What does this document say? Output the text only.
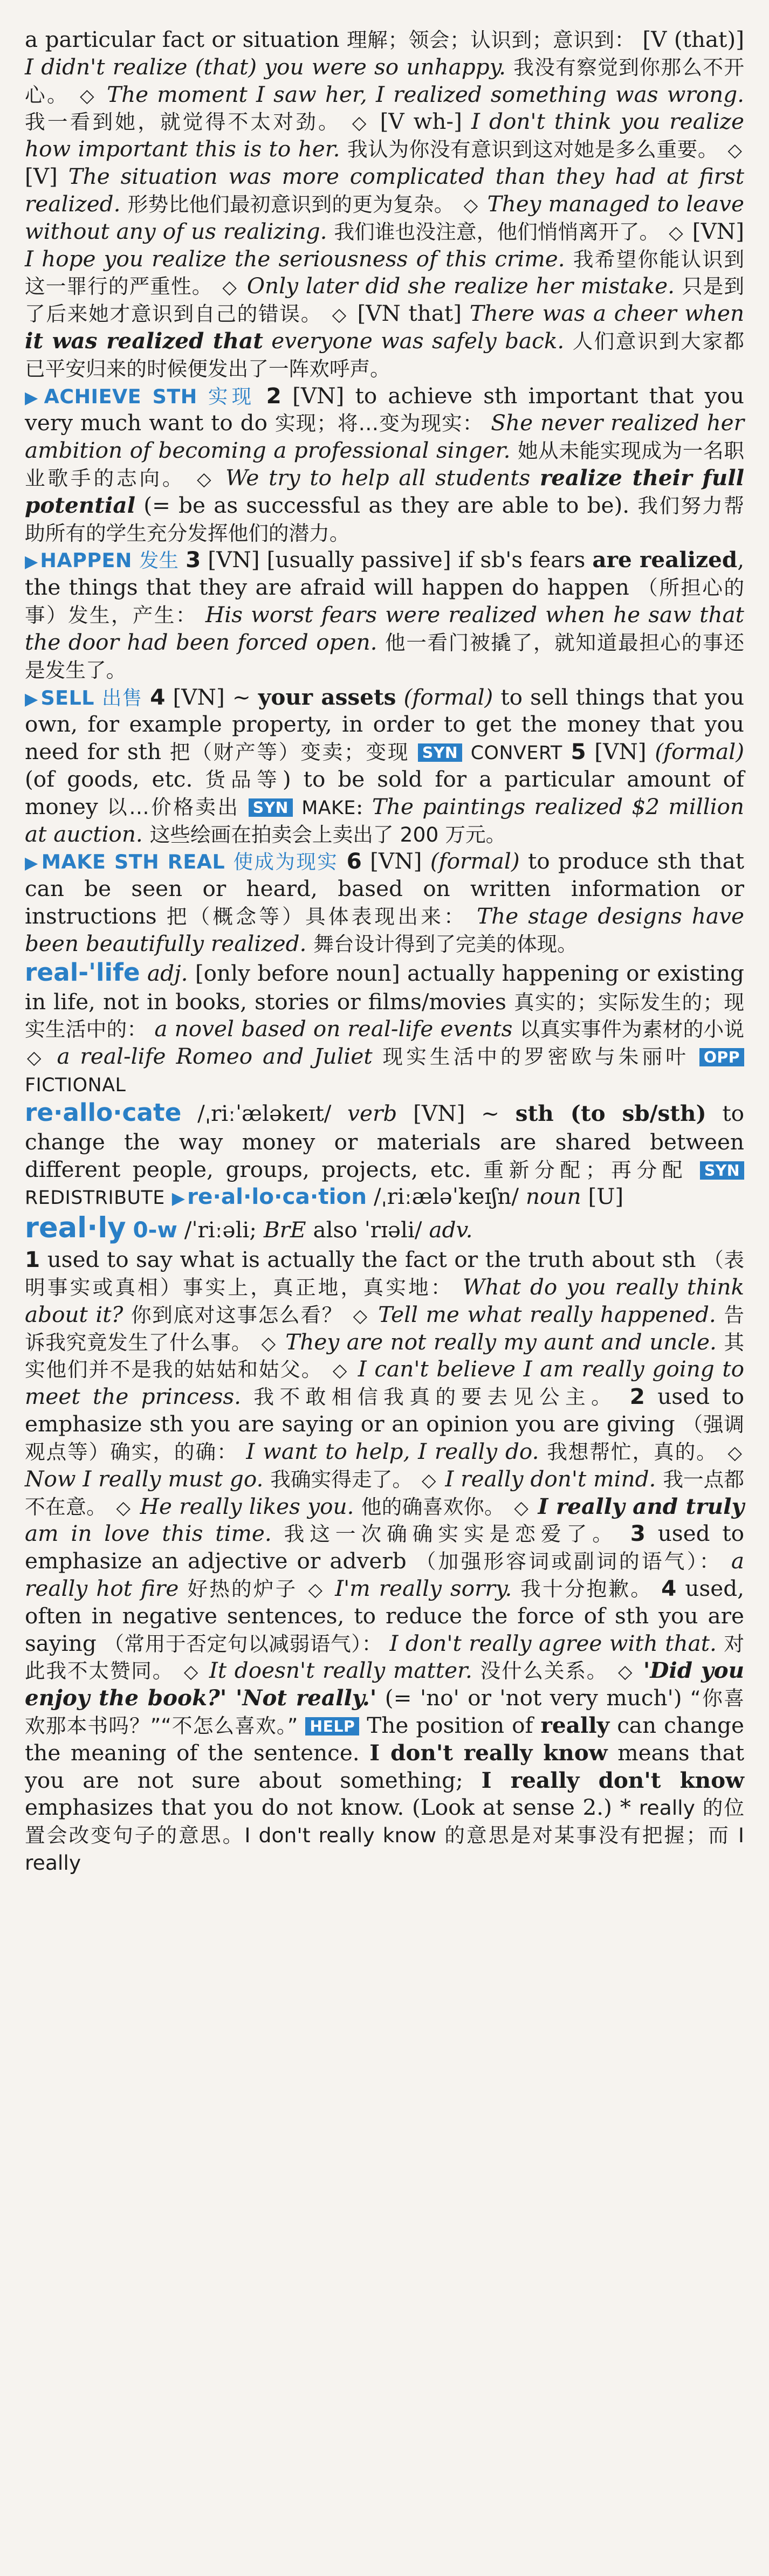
a particular fact or situation 理解；领会；认识到；意识到： [V (that)] I didn't realize (that) you were so unhappy. 我没有察觉到你那么不开心。 ◇ The moment I saw her, I realized something was wrong. 我一看到她，就觉得不太对劲。 ◇ [V wh-] I don't think you realize how important this is to her. 我认为你没有意识到这对她是多么重要。 ◇ [V] The situation was more complicated than they had at first realized. 形势比他们最初意识到的更为复杂。 ◇ They managed to leave without any of us realizing. 我们谁也没注意，他们悄悄离开了。 ◇ [VN] I hope you realize the seriousness of this crime. 我希望你能认识到这一罪行的严重性。 ◇ Only later did she realize her mistake. 只是到了后来她才意识到自己的错误。 ◇ [VN that] There was a cheer when it was realized that everyone was safely back. 人们意识到大家都已平安归来的时候便发出了一阵欢呼声。

▶ ACHIEVE STH 实现 2 [VN] to achieve sth important that you very much want to do 实现；将…变为现实： She never realized her ambition of becoming a professional singer. 她从未能实现成为一名职业歌手的志向。 ◇ We try to help all students realize their full potential (= be as successful as they are able to be). 我们努力帮助所有的学生充分发挥他们的潜力。

▶ HAPPEN 发生 3 [VN] [usually passive] if sb's fears are realized, the things that they are afraid will happen do happen （所担心的事）发生，产生： His worst fears were realized when he saw that the door had been forced open. 他一看门被撬了，就知道最担心的事还是发生了。

▶ SELL 出售 4 [VN] ~ your assets (formal) to sell things that you own, for example property, in order to get the money that you need for sth 把（财产等）变卖；变现 SYN CONVERT 5 [VN] (formal) (of goods, etc. 货品等) to be sold for a particular amount of money 以…价格卖出 SYN MAKE: The paintings realized $2 million at auction. 这些绘画在拍卖会上卖出了 200 万元。

▶ MAKE STH REAL 使成为现实 6 [VN] (formal) to produce sth that can be seen or heard, based on written information or instructions 把（概念等）具体表现出来： The stage designs have been beautifully realized. 舞台设计得到了完美的体现。

real-'life adj. [only before noun] actually happening or existing in life, not in books, stories or films/movies 真实的；实际发生的；现实生活中的： a novel based on real-life events 以真实事件为素材的小说 ◇ a real-life Romeo and Juliet 现实生活中的罗密欧与朱丽叶 OPP FICTIONAL

re·allo·cate /ˌriːˈæləkeɪt/ verb [VN] ~ sth (to sb/sth) to change the way money or materials are shared between different people, groups, projects, etc. 重新分配；再分配 SYN REDISTRIBUTE ▶re·al·lo·ca·tion /ˌriːæləˈkeɪʃn/ noun [U]

real·ly 0-w /ˈriːəli; BrE also ˈrɪəli/ adv.
1 used to say what is actually the fact or the truth about sth （表明事实或真相）事实上，真正地，真实地： What do you really think about it? 你到底对这事怎么看？ ◇ Tell me what really happened. 告诉我究竟发生了什么事。 ◇ They are not really my aunt and uncle. 其实他们并不是我的姑姑和姑父。 ◇ I can't believe I am really going to meet the princess. 我不敢相信我真的要去见公主。 2 used to emphasize sth you are saying or an opinion you are giving （强调观点等）确实，的确： I want to help, I really do. 我想帮忙，真的。 ◇ Now I really must go. 我确实得走了。 ◇ I really don't mind. 我一点都不在意。 ◇ He really likes you. 他的确喜欢你。 ◇ I really and truly am in love this time. 我这一次确确实实是恋爱了。 3 used to emphasize an adjective or adverb （加强形容词或副词的语气）： a really hot fire 好热的炉子 ◇ I'm really sorry. 我十分抱歉。 4 used, often in negative sentences, to reduce the force of sth you are saying （常用于否定句以减弱语气）： I don't really agree with that. 对此我不太赞同。 ◇ It doesn't really matter. 没什么关系。 ◇ 'Did you enjoy the book?' 'Not really.' (= 'no' or 'not very much') “你喜欢那本书吗？”“不怎么喜欢。” HELP The position of really can change the meaning of the sentence. I don't really know means that you are not sure about something; I really don't know emphasizes that you do not know. (Look at sense 2.) * really 的位置会改变句子的意思。I don't really know 的意思是对某事没有把握；而 I really
